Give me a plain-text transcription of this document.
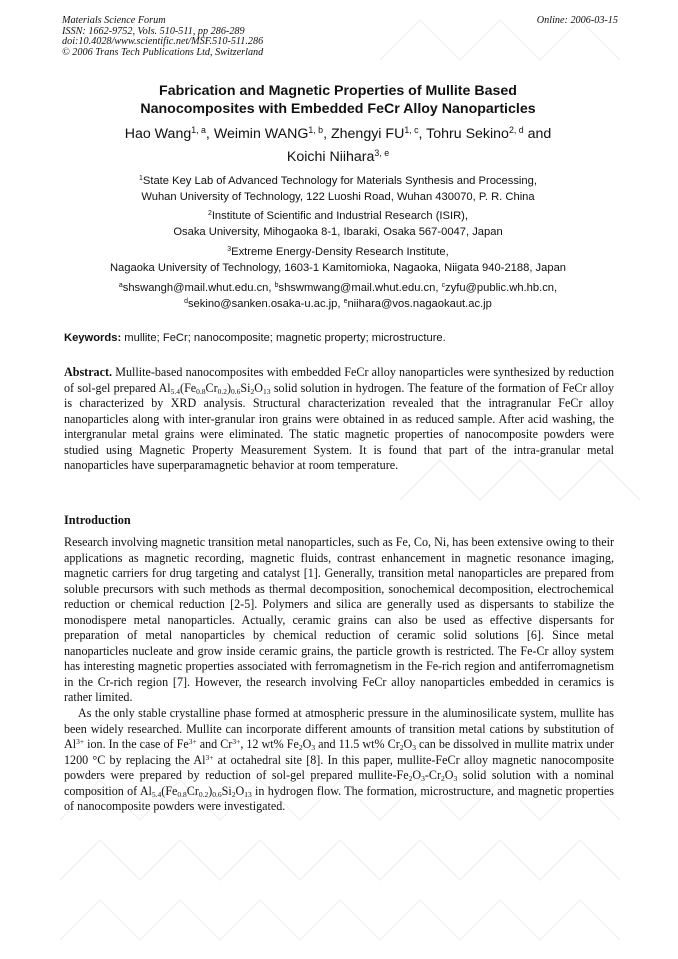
Materials Science Forum
ISSN: 1662-9752, Vols. 510-511, pp 286-289
doi:10.4028/www.scientific.net/MSF.510-511.286
© 2006 Trans Tech Publications Ltd, Switzerland
Online: 2006-03-15
Fabrication and Magnetic Properties of Mullite Based
Nanocomposites with Embedded FeCr Alloy Nanoparticles
Hao Wang$^{1, a}$, Weimin WANG$^{1, b}$, Zhengyi FU$^{1, c}$, Tohru Sekino$^{2, d}$ and
Koichi Niihara$^{3, e}$
$^1$State Key Lab of Advanced Technology for Materials Synthesis and Processing,
Wuhan University of Technology, 122 Luoshi Road, Wuhan 430070, P. R. China
$^2$Institute of Scientific and Industrial Research (ISIR),
Osaka University, Mihogaoka 8-1, Ibaraki, Osaka 567-0047, Japan
$^3$Extreme Energy-Density Research Institute,
Nagaoka University of Technology, 1603-1 Kamitomioka, Nagaoka, Niigata 940-2188, Japan
$^a$shswangh@mail.whut.edu.cn, $^b$shswmwang@mail.whut.edu.cn, $^c$zyfu@public.wh.hb.cn,
$^d$sekino@sanken.osaka-u.ac.jp, $^e$niihara@vos.nagaokaut.ac.jp
Keywords: mullite; FeCr; nanocomposite; magnetic property; microstructure.

Abstract. Mullite-based nanocomposites with embedded FeCr alloy nanoparticles were synthesized by reduction of sol-gel prepared $Al_{5.4}(Fe_{0.8}Cr_{0.2})_{0.6}Si_2O_{13}$ solid solution in hydrogen. The feature of the formation of FeCr alloy is characterized by XRD analysis. Structural characterization revealed that the intragranular FeCr alloy nanoparticles along with inter-granular iron grains were obtained in as reduced sample. After acid washing, the intergranular metal grains were eliminated. The static magnetic properties of nanocomposite powders were studied using Magnetic Property Measurement System. It is found that part of the intra-granular metal nanoparticles have superparamagnetic behavior at room temperature.

Introduction

Research involving magnetic transition metal nanoparticles, such as Fe, Co, Ni, has been extensive owing to their applications as magnetic recording, magnetic fluids, contrast enhancement in magnetic resonance imaging, magnetic carriers for drug targeting and catalyst [1]. Generally, transition metal nanoparticles are prepared from soluble precursors with such methods as thermal decomposition, sonochemical decomposition, electrochemical reduction or chemical reduction [2-5]. Polymers and silica are generally used as dispersants to stabilize the monodispere metal nanoparticles. Actually, ceramic grains can also be used as effective dispersants for preparation of metal nanoparticles by chemical reduction of ceramic solid solutions [6]. Since metal nanoparticles nucleate and grow inside ceramic grains, the particle growth is restricted. The Fe-Cr alloy system has interesting magnetic properties associated with ferromagnetism in the Fe-rich region and antiferromagnetism in the Cr-rich region [7]. However, the research involving FeCr alloy nanoparticles embedded in ceramics is rather limited.

As the only stable crystalline phase formed at atmospheric pressure in the aluminosilicate system, mullite has been widely researched. Mullite can incorporate different amounts of transition metal cations by substitution of $Al^{3+}$ ion. In the case of $Fe^{3+}$ and $Cr^{3+}$, 12 wt% $Fe_2O_3$ and 11.5 wt% $Cr_2O_3$ can be dissolved in mullite matrix under 1200 °C by replacing the $Al^{3+}$ at octahedral site [8]. In this paper, mullite-FeCr alloy magnetic nanocomposite powders were prepared by reduction of sol-gel prepared mullite-$Fe_2O_3-Cr_2O_3$ solid solution with a nominal composition of $Al_{5.4}(Fe_{0.8}Cr_{0.2})_{0.6}Si_2O_{13}$ in hydrogen flow. The formation, microstructure, and magnetic properties of nanocomposite powders were investigated.
